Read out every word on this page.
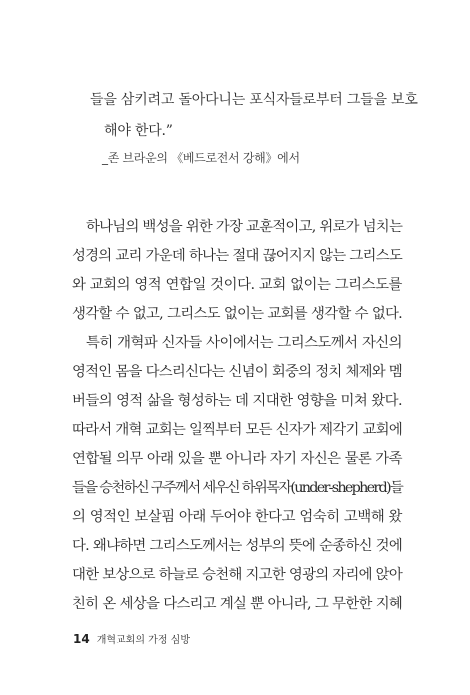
들을 삼키려고 돌아다니는 포식자들로부터 그들을 보호
해야 한다.”
_존 브라운의 《베드로전서 강해》에서
하나님의 백성을 위한 가장 교훈적이고, 위로가 넘치는
성경의 교리 가운데 하나는 절대 끊어지지 않는 그리스도
와 교회의 영적 연합일 것이다. 교회 없이는 그리스도를
생각할 수 없고, 그리스도 없이는 교회를 생각할 수 없다.
특히 개혁파 신자들 사이에서는 그리스도께서 자신의
영적인 몸을 다스리신다는 신념이 회중의 정치 체제와 멤
버들의 영적 삶을 형성하는 데 지대한 영향을 미쳐 왔다.
따라서 개혁 교회는 일찍부터 모든 신자가 제각기 교회에
연합될 의무 아래 있을 뿐 아니라 자기 자신은 물론 가족
들을 승천하신 구주께서 세우신 하위목자(under-shepherd)들
의 영적인 보살핌 아래 두어야 한다고 엄숙히 고백해 왔
다. 왜냐하면 그리스도께서는 성부의 뜻에 순종하신 것에
대한 보상으로 하늘로 승천해 지고한 영광의 자리에 앉아
친히 온 세상을 다스리고 계실 뿐 아니라, 그 무한한 지혜
14 개혁교회의 가정 심방
